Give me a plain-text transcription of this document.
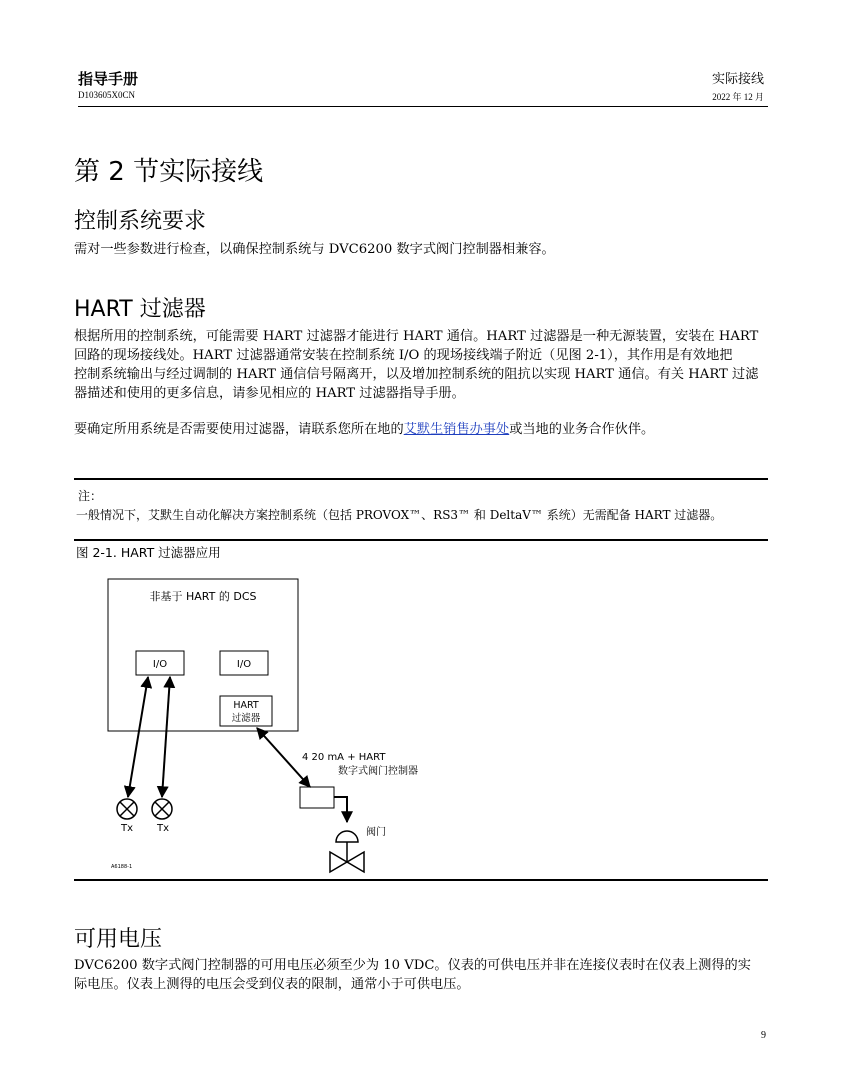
指导手册
D103605X0CN
实际接线
2022 年 12 月
第 2 节实际接线
控制系统要求
需对一些参数进行检查，以确保控制系统与 DVC6200 数字式阀门控制器相兼容。
HART 过滤器
根据所用的控制系统，可能需要 HART 过滤器才能进行 HART 通信。HART 过滤器是一种无源装置，安装在 HART
回路的现场接线处。HART 过滤器通常安装在控制系统 I/O 的现场接线端子附近（见图 2‐1），其作用是有效地把
控制系统输出与经过调制的 HART 通信信号隔离开，以及增加控制系统的阻抗以实现 HART 通信。有关 HART 过滤
器描述和使用的更多信息，请参见相应的 HART 过滤器指导手册。
要确定所用系统是否需要使用过滤器，请联系您所在地的艾默生销售办事处或当地的业务合作伙伴。
注：
一般情况下，艾默生自动化解决方案控制系统（包括 PROVOX™、RS3™ 和 DeltaV™ 系统）无需配备 HART 过滤器。
图 2‐1. HART 过滤器应用
非基于 HART 的 DCS
I/O	I/O
HART
过滤器
Tx Tx
4 20 mA + HART
数字式阀门控制器
阀门
A6188-1
可用电压
DVC6200 数字式阀门控制器的可用电压必须至少为 10 VDC。仪表的可供电压并非在连接仪表时在仪表上测得的实
际电压。仪表上测得的电压会受到仪表的限制，通常小于可供电压。
9
